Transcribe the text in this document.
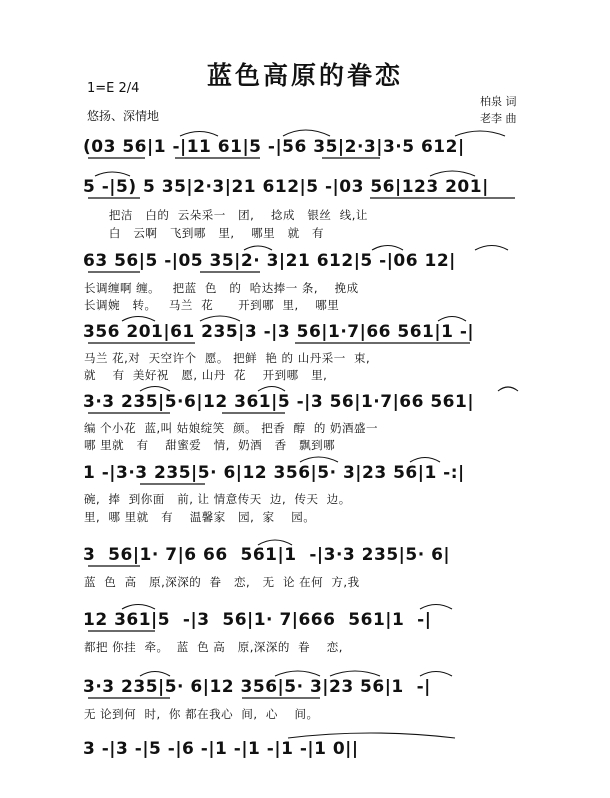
蓝色高原的眷恋
1=E 2/4
悠扬、深情地
柏泉 词
老李 曲
(03 56|1 -|11 61|5 -|56 35|2·3|3·5 612|
5 -|5) 5 35|2·3|21 612|5 -|03 56|123 201|
把洁   白的  云朵采一   团,    捻成   银丝  线,让
白   云啊   飞到哪   里,    哪里   就   有
63 56|5 -|05 35|2· 3|21 612|5 -|06 12|
长调缠啊 缠。   把蓝  色   的  哈达捧一 条,    挽成
长调婉   转。   马兰  花      开到哪  里,    哪里
356 201|61 235|3 -|3 56|1·7|66 561|1 -|
马兰 花,对  天空许个  愿。 把鲜  艳 的 山丹采一  束,
就    有  美好祝   愿, 山丹  花    开到哪   里,
3·3 235|5·6|12 361|5 -|3 56|1·7|66 561|
编 个小花  蓝,叫 姑娘绽笑  颜。 把香  醇  的 奶酒盛一
哪 里就   有    甜蜜爱   情,  奶酒   香   飘到哪
1 -|3·3 235|5· 6|12 356|5· 3|23 56|1 -:|
碗,  捧  到你面   前, 让 情意传天  边,  传天  边。
里,  哪 里就   有    温馨家   园,  家    园。
3  56|1· 7|6 66  561|1  -|3·3 235|5· 6|
蓝  色  高   原,深深的  眷   恋,   无  论 在何  方,我
12 361|5  -|3  56|1· 7|666  561|1  -|
都把 你挂  牵。  蓝  色 高   原,深深的  眷    恋,
3·3 235|5· 6|12 356|5· 3|23 56|1  -|
无 论到何  时,  你 都在我心  间,  心    间。
3 -|3 -|5 -|6 -|1 -|1 -|1 -|1 0||
